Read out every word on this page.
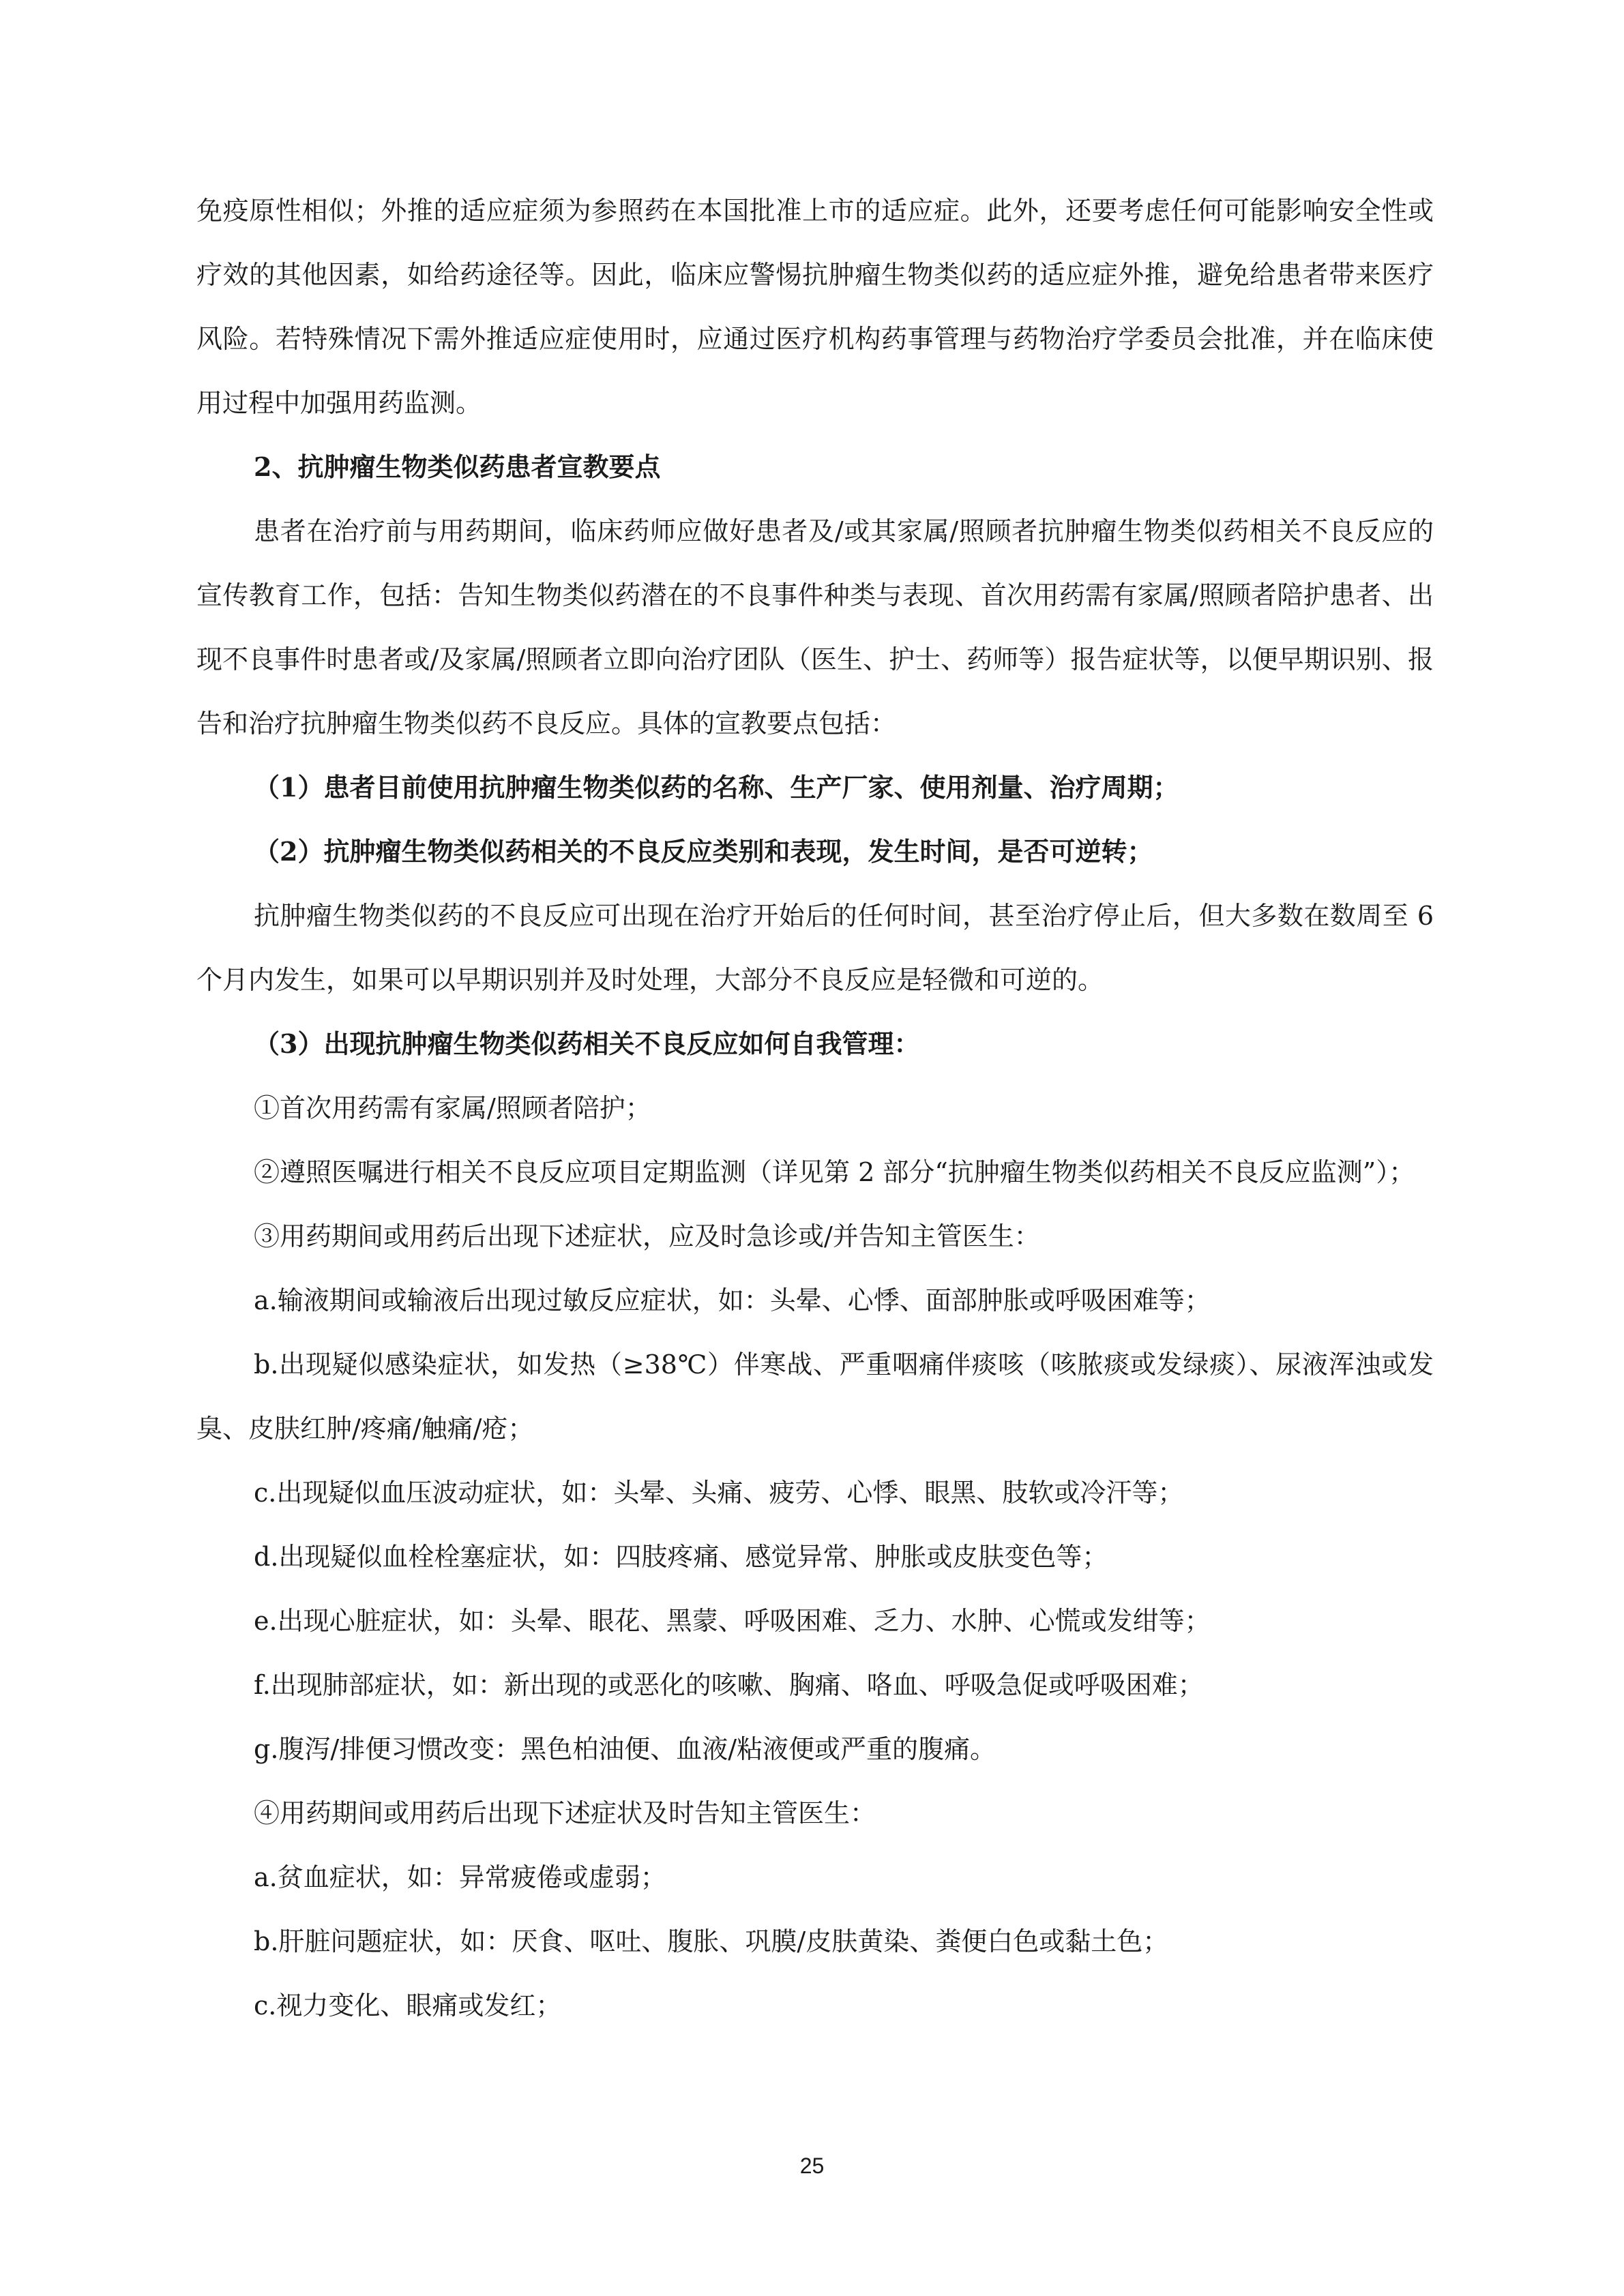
免疫原性相似；外推的适应症须为参照药在本国批准上市的适应症。此外，还要考虑任何可能影响安全性或疗效的其他因素，如给药途径等。因此，临床应警惕抗肿瘤生物类似药的适应症外推，避免给患者带来医疗风险。若特殊情况下需外推适应症使用时，应通过医疗机构药事管理与药物治疗学委员会批准，并在临床使用过程中加强用药监测。

2、抗肿瘤生物类似药患者宣教要点

患者在治疗前与用药期间，临床药师应做好患者及/或其家属/照顾者抗肿瘤生物类似药相关不良反应的宣传教育工作，包括：告知生物类似药潜在的不良事件种类与表现、首次用药需有家属/照顾者陪护患者、出现不良事件时患者或/及家属/照顾者立即向治疗团队（医生、护士、药师等）报告症状等，以便早期识别、报告和治疗抗肿瘤生物类似药不良反应。具体的宣教要点包括：

（1）患者目前使用抗肿瘤生物类似药的名称、生产厂家、使用剂量、治疗周期；

（2）抗肿瘤生物类似药相关的不良反应类别和表现，发生时间，是否可逆转；

抗肿瘤生物类似药的不良反应可出现在治疗开始后的任何时间，甚至治疗停止后，但大多数在数周至 6 个月内发生，如果可以早期识别并及时处理，大部分不良反应是轻微和可逆的。

（3）出现抗肿瘤生物类似药相关不良反应如何自我管理：

①首次用药需有家属/照顾者陪护；

②遵照医嘱进行相关不良反应项目定期监测（详见第 2 部分“抗肿瘤生物类似药相关不良反应监测”）；

③用药期间或用药后出现下述症状，应及时急诊或/并告知主管医生：

a.输液期间或输液后出现过敏反应症状，如：头晕、心悸、面部肿胀或呼吸困难等；

b.出现疑似感染症状，如发热（≥38℃）伴寒战、严重咽痛伴痰咳（咳脓痰或发绿痰）、尿液浑浊或发臭、皮肤红肿/疼痛/触痛/疮；

c.出现疑似血压波动症状，如：头晕、头痛、疲劳、心悸、眼黑、肢软或冷汗等；

d.出现疑似血栓栓塞症状，如：四肢疼痛、感觉异常、肿胀或皮肤变色等；

e.出现心脏症状，如：头晕、眼花、黑蒙、呼吸困难、乏力、水肿、心慌或发绀等；

f.出现肺部症状，如：新出现的或恶化的咳嗽、胸痛、咯血、呼吸急促或呼吸困难；

g.腹泻/排便习惯改变：黑色柏油便、血液/粘液便或严重的腹痛。

④用药期间或用药后出现下述症状及时告知主管医生：

a.贫血症状，如：异常疲倦或虚弱；

b.肝脏问题症状，如：厌食、呕吐、腹胀、巩膜/皮肤黄染、粪便白色或黏土色；

c.视力变化、眼痛或发红；

25
